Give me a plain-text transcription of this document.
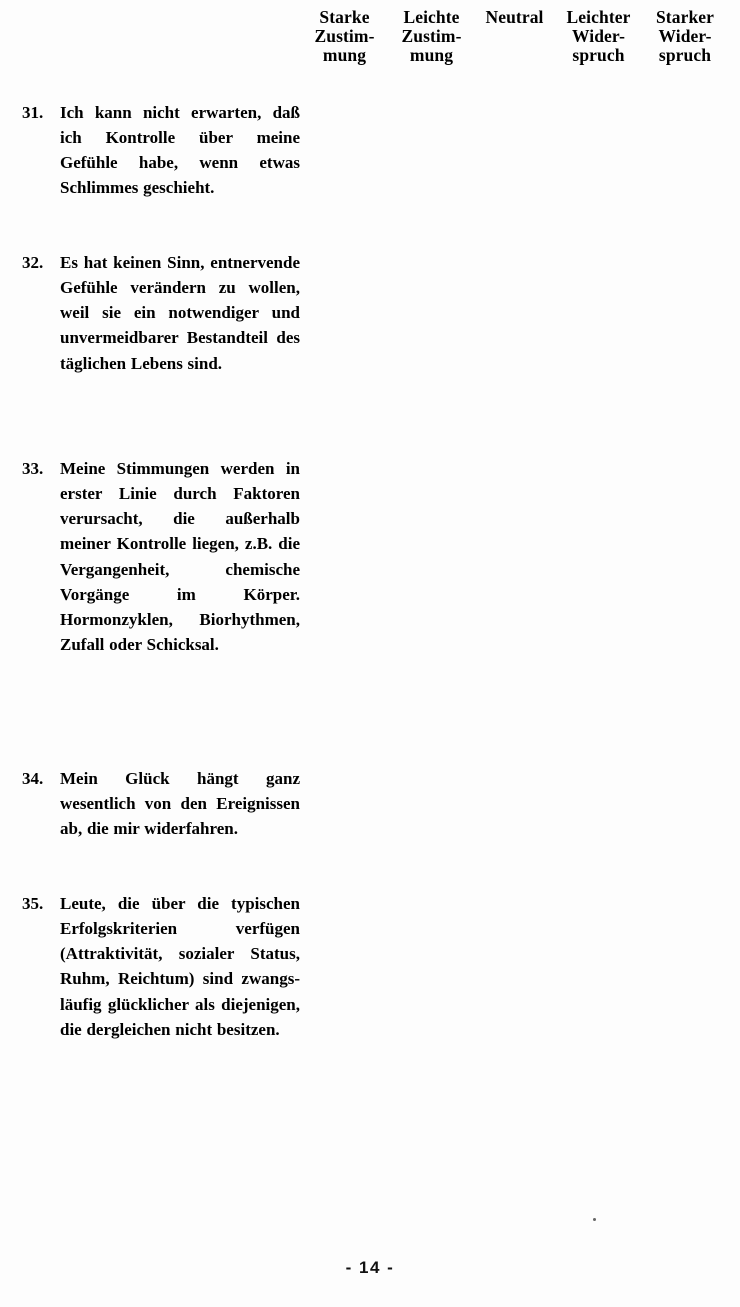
	Starke
Zustim-
mung	Leichte
Zustim-
mung	Neutral	Leichter
Wider-
spruch	Starker
Wider-
spruch

31. Ich kann nicht erwarten, daß ich Kontrolle über meine Gefühle habe, wenn etwas Schlimmes geschieht.					

32. Es hat keinen Sinn, entnervende Gefühle verändern zu wollen, weil sie ein notwendiger und unvermeidbarer Bestandteil des täglichen Lebens sind.					

33. Meine Stimmungen werden in erster Linie durch Faktoren verursacht, die außerhalb meiner Kontrolle liegen, z.B. die Vergangenheit, chemische Vorgänge im Körper. Hormonzyklen, Biorhythmen, Zufall oder Schicksal.					

34. Mein Glück hängt ganz wesentlich von den Ereignissen ab, die mir widerfahren.					

35. Leute, die über die typischen Erfolgskriterien verfügen (Attraktivität, sozialer Status, Ruhm, Reichtum) sind zwangsläufig glücklicher als diejenigen, die dergleichen nicht besitzen.					

- 14 -
